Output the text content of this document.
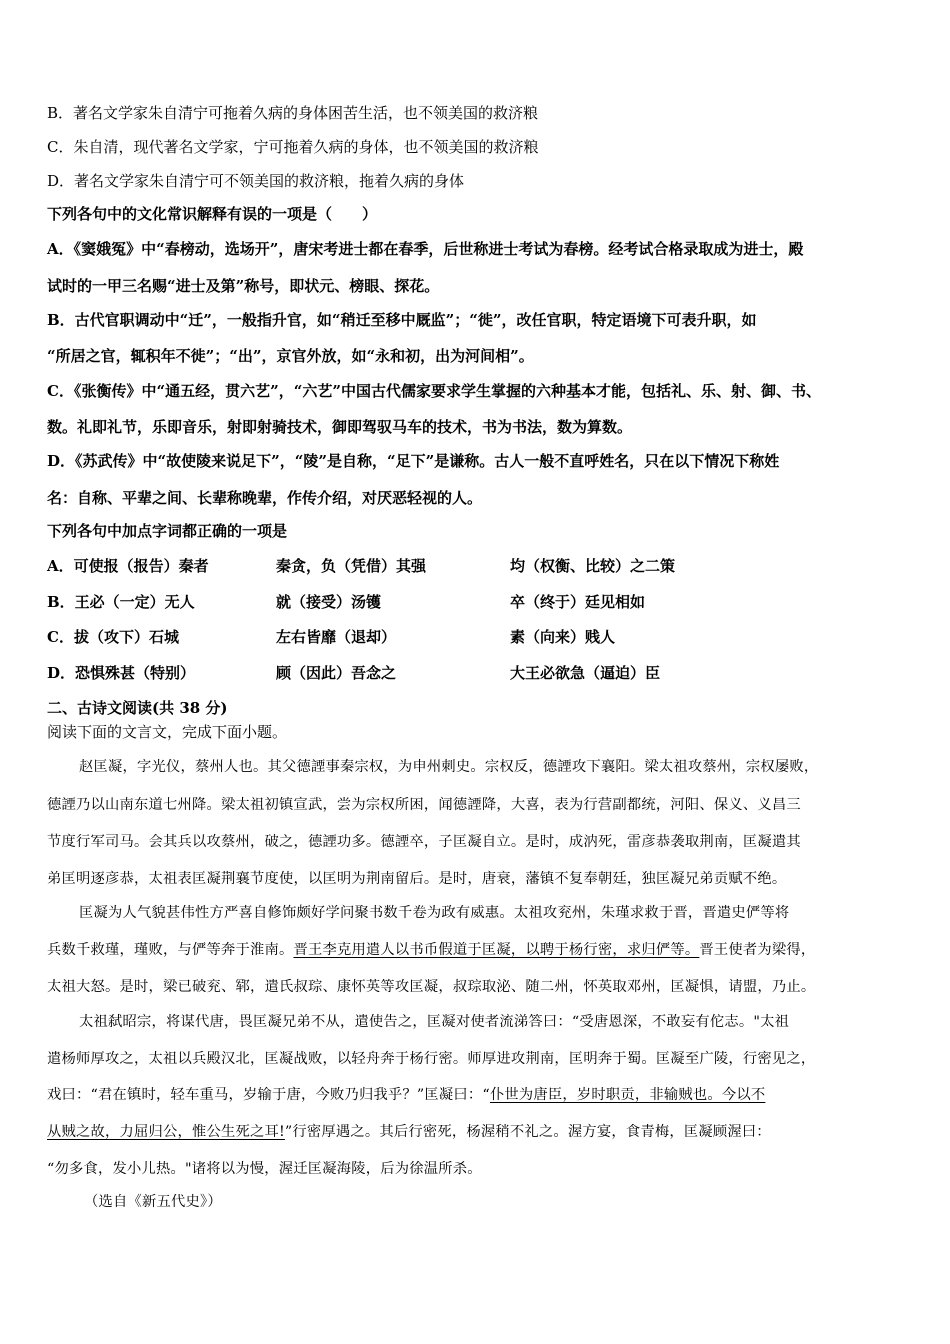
B．著名文学家朱自清宁可拖着久病的身体困苦生活，也不领美国的救济粮
C．朱自清，现代著名文学家，宁可拖着久病的身体，也不领美国的救济粮
D．著名文学家朱自清宁可不领美国的救济粮，拖着久病的身体
下列各句中的文化常识解释有误的一项是（　　）
A．《窦娥冤》中“春榜动，选场开”，唐宋考进士都在春季，后世称进士考试为春榜。经考试合格录取成为进士，殿
试时的一甲三名赐“进士及第”称号，即状元、榜眼、探花。
B．古代官职调动中“迁”，一般指升官，如“稍迁至移中厩监”；“徙”，改任官职，特定语境下可表升职，如
“所居之官，辄积年不徙”；“出”，京官外放，如“永和初，出为河间相”。
C．《张衡传》中“通五经，贯六艺”，“六艺”中国古代儒家要求学生掌握的六种基本才能，包括礼、乐、射、御、书、
数。礼即礼节，乐即音乐，射即射骑技术，御即驾驭马车的技术，书为书法，数为算数。
D．《苏武传》中“故使陵来说足下”，“陵”是自称，“足下”是谦称。古人一般不直呼姓名，只在以下情况下称姓
名：自称、平辈之间、长辈称晚辈，作传介绍，对厌恶轻视的人。
下列各句中加点字词都正确的一项是
A．可使报（报告）秦者	秦贪，负（凭借）其强	均（权衡、比较）之二策
B．王必（一定）无人	就（接受）汤镬	卒（终于）廷见相如
C．拔（攻下）石城	左右皆靡（退却）	素（向来）贱人
D．恐惧殊甚（特别）	顾（因此）吾念之	大王必欲急（逼迫）臣
二、古诗文阅读(共 38 分)
阅读下面的文言文，完成下面小题。
赵匡凝，字光仪，蔡州人也。其父德諲事秦宗权，为申州刺史。宗权反，德諲攻下襄阳。梁太祖攻蔡州，宗权屡败，
德諲乃以山南东道七州降。梁太祖初镇宣武，尝为宗权所困，闻德諲降，大喜，表为行营副都统，河阳、保义、义昌三
节度行军司马。会其兵以攻蔡州，破之，德諲功多。德諲卒，子匡凝自立。是时，成汭死，雷彦恭袭取荆南，匡凝遣其
弟匡明逐彦恭，太祖表匡凝荆襄节度使，以匡明为荆南留后。是时，唐衰，藩镇不复奉朝廷，独匡凝兄弟贡赋不绝。
匡凝为人气貌甚伟性方严喜自修饰颇好学问聚书数千卷为政有威惠。太祖攻兖州，朱瑾求救于晋，晋遣史俨等将
兵数千救瑾，瑾败，与俨等奔于淮南。晋王李克用遣人以书币假道于匡凝，以聘于杨行密，求归俨等。晋王使者为梁得，
太祖大怒。是时，梁已破兖、郓，遣氏叔琮、康怀英等攻匡凝，叔琮取泌、随二州，怀英取邓州，匡凝惧，请盟，乃止。
太祖弑昭宗，将谋代唐，畏匡凝兄弟不从，遣使告之，匡凝对使者流涕答曰：“受唐恩深，不敢妄有佗志。"太祖
遣杨师厚攻之，太祖以兵殿汉北，匡凝战败，以轻舟奔于杨行密。师厚进攻荆南，匡明奔于蜀。匡凝至广陵，行密见之，
戏曰：“君在镇时，轻车重马，岁输于唐，今败乃归我乎？”匡凝曰：“仆世为唐臣，岁时职贡，非输贼也。今以不
从贼之故，力屈归公，惟公生死之耳!”行密厚遇之。其后行密死，杨渥稍不礼之。渥方宴，食青梅，匡凝顾渥曰：
“勿多食，发小儿热。"诸将以为慢，渥迁匡凝海陵，后为徐温所杀。
（选自《新五代史》）
